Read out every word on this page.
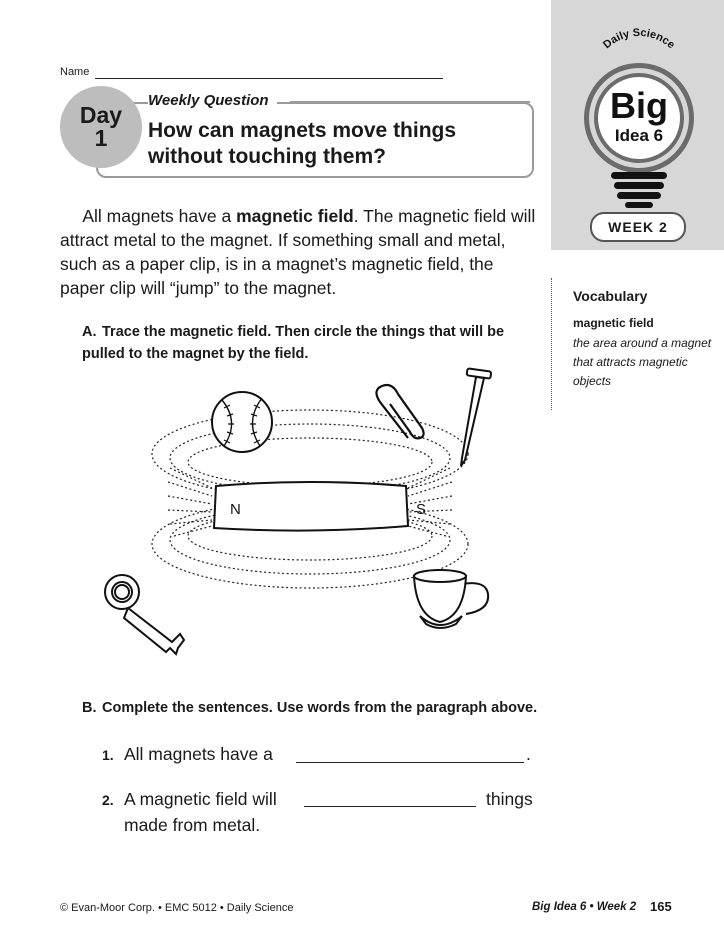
Name
Day
1
Weekly Question

How can magnets move things without touching them?

Daily Science
Big
Idea 6
WEEK 2
Vocabulary
magnetic field

the area around a magnet that attracts magnetic objects

  All magnets have a magnetic field. The magnetic field will attract metal to the magnet. If something small and metal, such as a paper clip, is in a magnet’s magnetic field, the paper clip will “jump” to the magnet.

A. Trace the magnetic field. Then circle the things that will be pulled to the magnet by the field.

N	S
B. Complete the sentences. Use words from the paragraph above.
1. All magnets have a	.
2. A magnetic field will	things
made from metal.
© Evan-Moor Corp. • EMC 5012 • Daily Science	Big Idea 6 • Week 2 165
